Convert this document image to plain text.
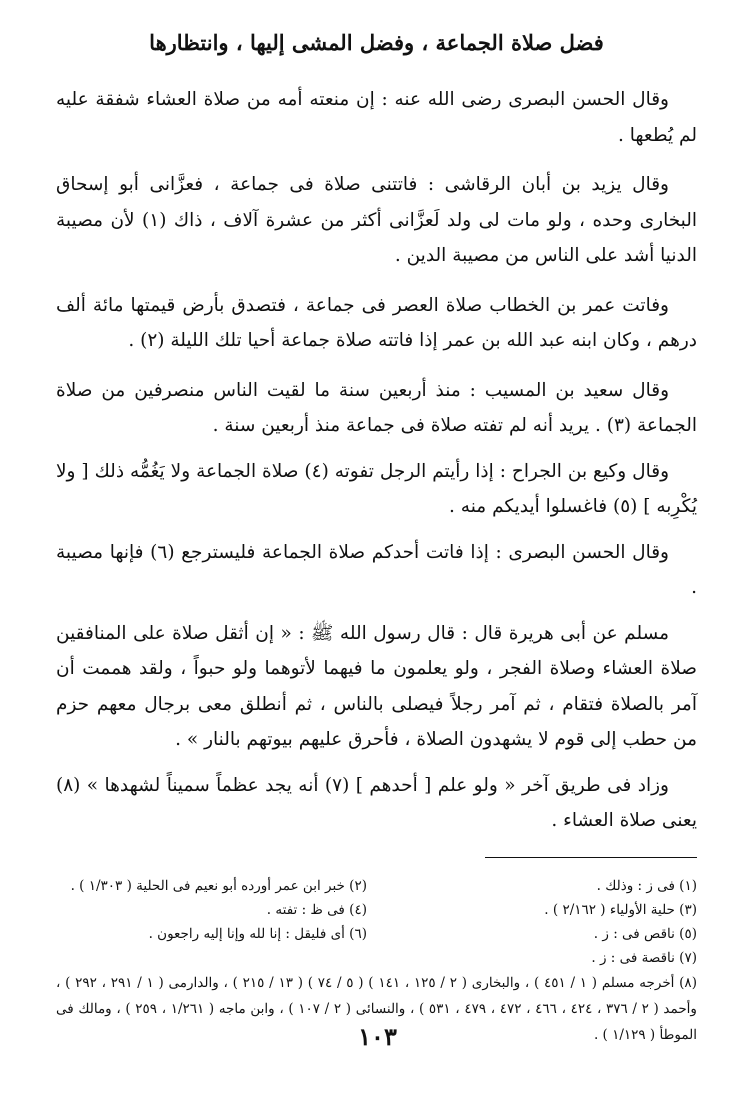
فضل صلاة الجماعة ، وفضل المشى إليها ، وانتظارها

وقال الحسن البصرى رضى الله عنه : إن منعته أمه من صلاة العشاء شفقة عليه لم يُطعها .

وقال يزيد بن أبان الرقاشى : فاتتنى صلاة فى جماعة ، فعزَّانى أبو إسحاق البخارى وحده ، ولو مات لى ولد لَعزَّانى أكثر من عشرة آلاف ، ذاك (١) لأن مصيبة الدنيا أشد على الناس من مصيبة الدين .

وفاتت عمر بن الخطاب صلاة العصر فى جماعة ، فتصدق بأرض قيمتها مائة ألف درهم ، وكان ابنه عبد الله بن عمر إذا فاتته صلاة جماعة أحيا تلك الليلة (٢) .

وقال سعيد بن المسيب : منذ أربعين سنة ما لقيت الناس منصرفين من صلاة الجماعة (٣) . يريد أنه لم تفته صلاة فى جماعة منذ أربعين سنة .

وقال وكيع بن الجراح : إذا رأيتم الرجل تفوته (٤) صلاة الجماعة ولا يَغُمُّه ذلك [ ولا يُكْرِبه ] (٥) فاغسلوا أيديكم منه .

وقال الحسن البصرى : إذا فاتت أحدكم صلاة الجماعة فليسترجع (٦) فإنها مصيبة .

مسلم عن أبى هريرة قال : قال رسول الله ﷺ : « إن أثقل صلاة على المنافقين صلاة العشاء وصلاة الفجر ، ولو يعلمون ما فيهما لأتوهما ولو حبواً ، ولقد هممت أن آمر بالصلاة فتقام ، ثم آمر رجلاً فيصلى بالناس ، ثم أنطلق معى برجال معهم حزم من حطب إلى قوم لا يشهدون الصلاة ، فأحرق عليهم بيوتهم بالنار » .

وزاد فى طريق آخر « ولو علم [ أحدهم ] (٧) أنه يجد عظماً سميناً لشهدها » (٨) يعنى صلاة العشاء .

(١) فى ز : وذلك .
(٢) خبر ابن عمر أورده أبو نعيم فى الحلية ( ١/٣٠٣ ) .
(٣) حلية الأولياء ( ٢/١٦٢ ) .
(٤) فى ظ : تفته .
(٥) ناقص فى : ز .
(٦) أى فليقل : إنا لله وإنا إليه راجعون .
(٧) ناقصة فى : ز .
(٨) أخرجه مسلم ( ١ / ٤٥١ ) ، والبخارى ( ٢ / ١٢٥ ، ١٤١ ) ( ٥ / ٧٤ ) ( ١٣ / ٢١٥ ) ، والدارمى ( ١ / ٢٩١ ، ٢٩٢ ) ، وأحمد ( ٢ / ٣٧٦ ، ٤٢٤ ، ٤٦٦ ، ٤٧٢ ، ٤٧٩ ، ٥٣١ ) ، والنسائى ( ٢ / ١٠٧ ) ، وابن ماجه ( ١/٢٦١ ، ٢٥٩ ) ، ومالك فى الموطأ ( ١/١٢٩ ) .
١٠٣
